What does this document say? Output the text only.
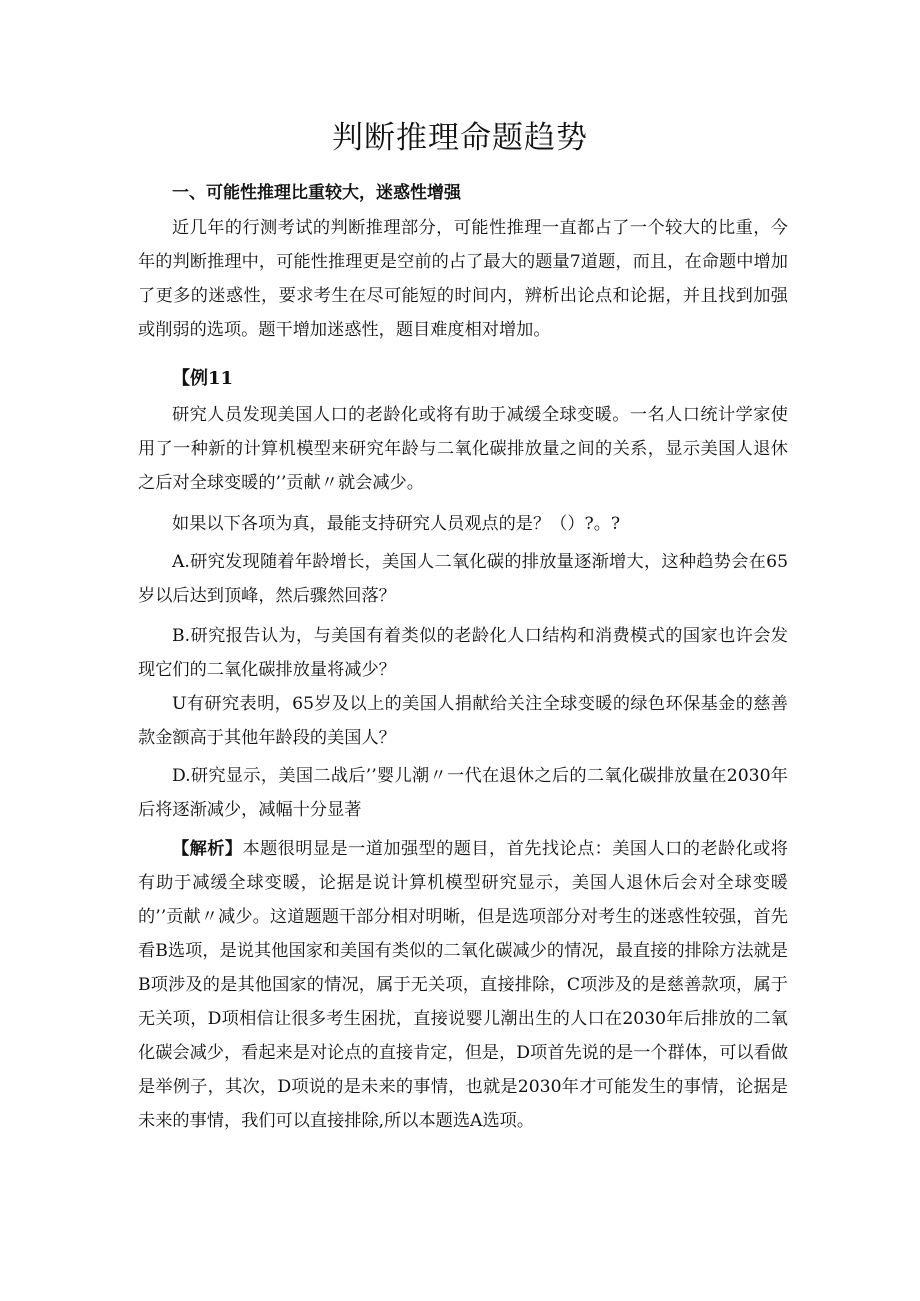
判断推理命题趋势

一、可能性推理比重较大，迷惑性增强

近几年的行测考试的判断推理部分，可能性推理一直都占了一个较大的比重，今年的判断推理中，可能性推理更是空前的占了最大的题量7道题，而且，在命题中增加了更多的迷惑性，要求考生在尽可能短的时间内，辨析出论点和论据，并且找到加强或削弱的选项。题干增加迷惑性，题目难度相对增加。

【例11

研究人员发现美国人口的老龄化或将有助于减缓全球变暖。一名人口统计学家使用了一种新的计算机模型来研究年龄与二氧化碳排放量之间的关系，显示美国人退休之后对全球变暖的’’贡献〃就会减少。

如果以下各项为真，最能支持研究人员观点的是？（）?。?

A.研究发现随着年龄增长，美国人二氧化碳的排放量逐渐增大，这种趋势会在65岁以后达到顶峰，然后骤然回落？

B.研究报告认为，与美国有着类似的老龄化人口结构和消费模式的国家也许会发现它们的二氧化碳排放量将减少？

U有研究表明，65岁及以上的美国人捐献给关注全球变暖的绿色环保基金的慈善款金额高于其他年龄段的美国人？

D.研究显示，美国二战后’’婴儿潮〃一代在退休之后的二氧化碳排放量在2030年后将逐渐减少，减幅十分显著

【解析】本题很明显是一道加强型的题目，首先找论点：美国人口的老龄化或将有助于减缓全球变暖，论据是说计算机模型研究显示，美国人退休后会对全球变暖的’’贡献〃减少。这道题题干部分相对明晰，但是选项部分对考生的迷惑性较强，首先看B选项，是说其他国家和美国有类似的二氧化碳减少的情况，最直接的排除方法就是B项涉及的是其他国家的情况，属于无关项，直接排除，C项涉及的是慈善款项，属于无关项，D项相信让很多考生困扰，直接说婴儿潮出生的人口在2030年后排放的二氧化碳会减少，看起来是对论点的直接肯定，但是，D项首先说的是一个群体，可以看做是举例子，其次，D项说的是未来的事情，也就是2030年才可能发生的事情，论据是未来的事情，我们可以直接排除,所以本题选A选项。
